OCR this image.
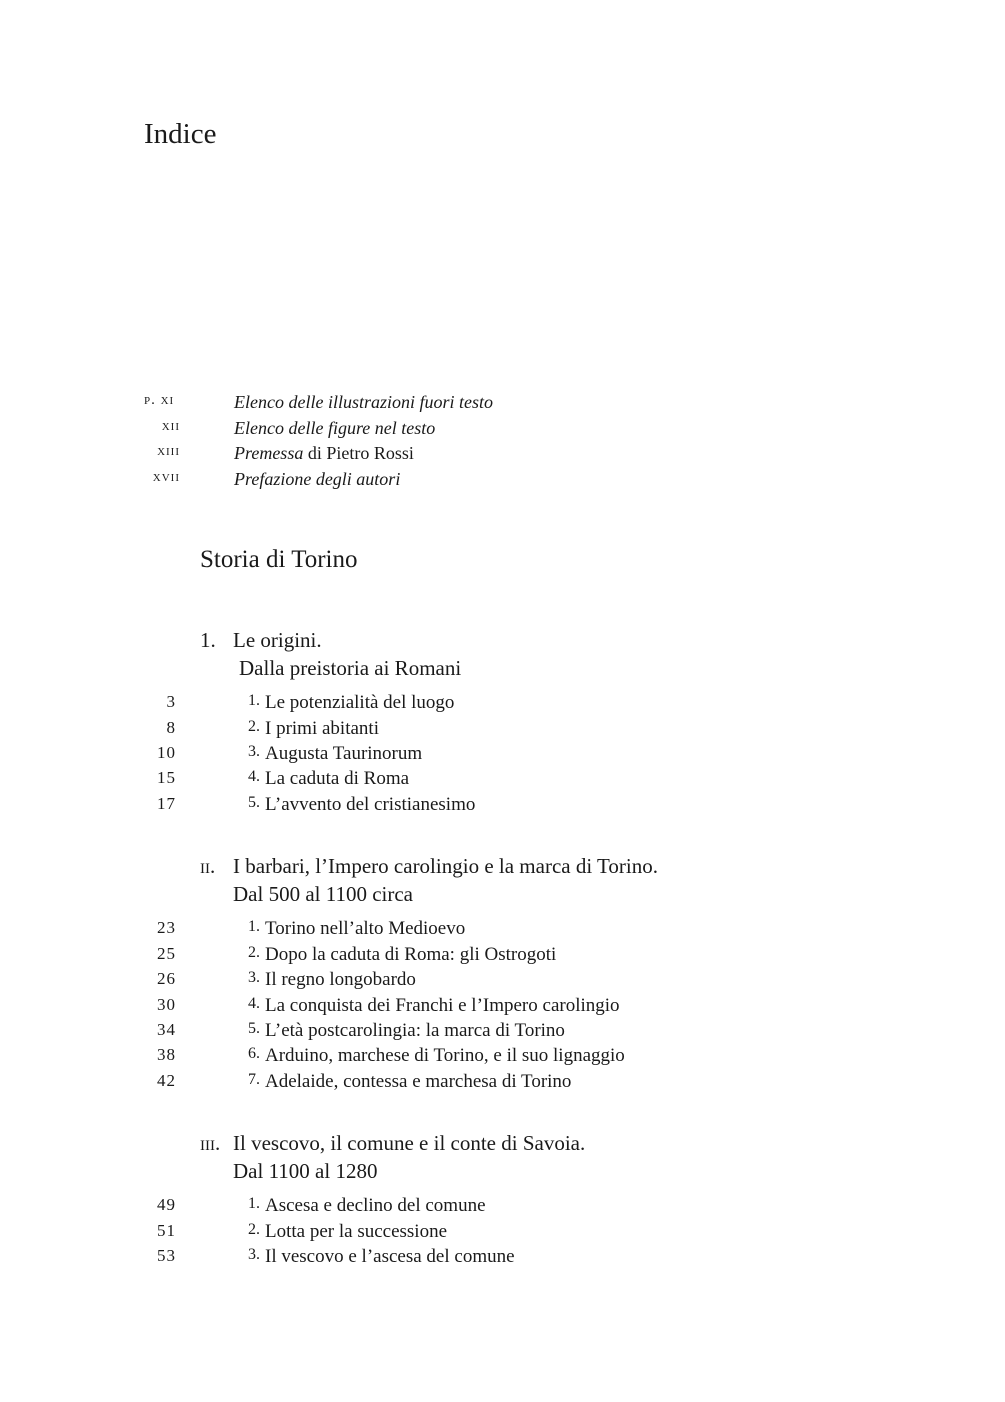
Indice
p. xi	Elenco delle illustrazioni fuori testo
xii	Elenco delle figure nel testo
xiii	Premessa di Pietro Rossi
xvii	Prefazione degli autori
Storia di Torino
1. Le origini.
Dalla preistoria ai Romani
3	1. Le potenzialità del luogo
8	2. I primi abitanti
10	3. Augusta Taurinorum
15	4. La caduta di Roma
17	5. L’avvento del cristianesimo
ii. I barbari, l’Impero carolingio e la marca di Torino.
Dal 500 al 1100 circa
23	1. Torino nell’alto Medioevo
25	2. Dopo la caduta di Roma: gli Ostrogoti
26	3. Il regno longobardo
30	4. La conquista dei Franchi e l’Impero carolingio
34	5. L’età postcarolingia: la marca di Torino
38	6. Arduino, marchese di Torino, e il suo lignaggio
42	7. Adelaide, contessa e marchesa di Torino
iii. Il vescovo, il comune e il conte di Savoia.
Dal 1100 al 1280
49	1. Ascesa e declino del comune
51	2. Lotta per la successione
53	3. Il vescovo e l’ascesa del comune
